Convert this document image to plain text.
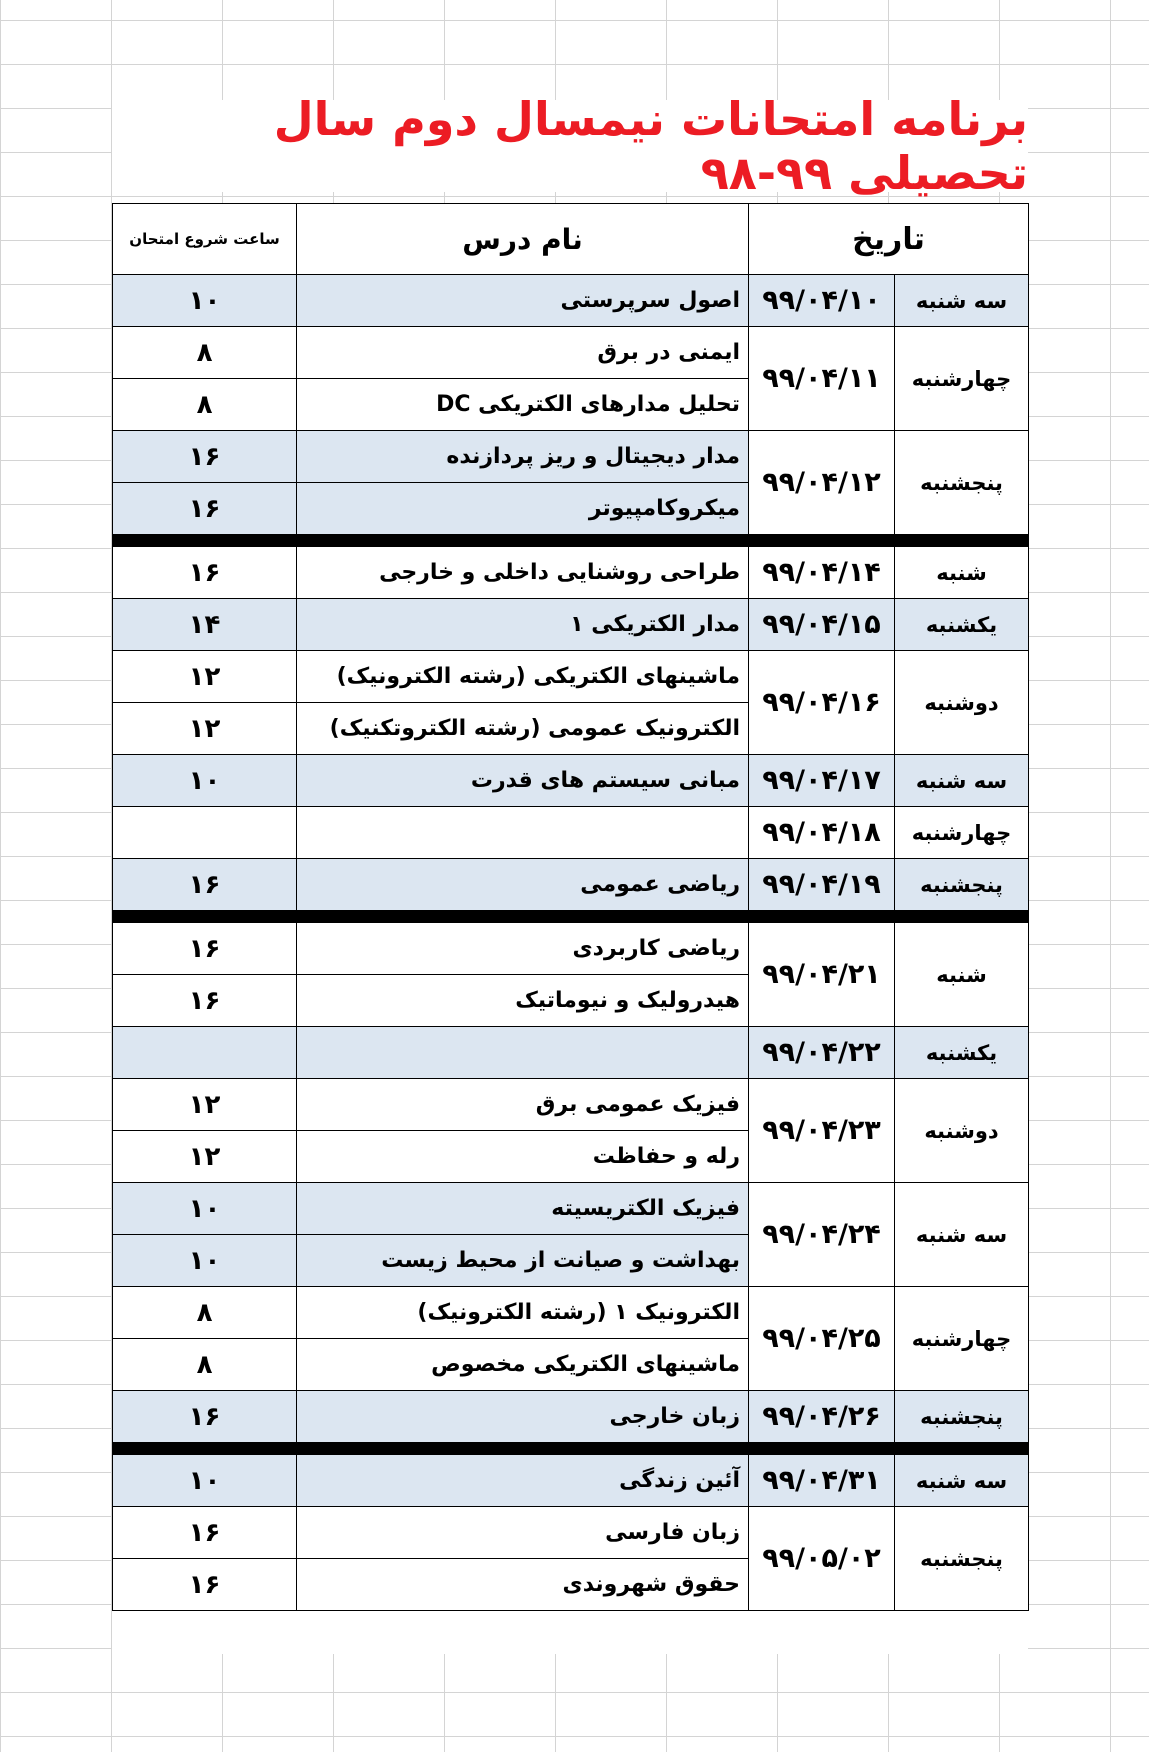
برنامه امتحانات نیمسال دوم سال تحصیلی ۹۹-۹۸
تاریخ		نام درس	ساعت شروع امتحان
سه شنبه	۹۹/۰۴/۱۰	اصول سرپرستی	۱۰
چهارشنبه	۹۹/۰۴/۱۱	ایمنی در برق	۸
		تحلیل مدارهای الکتریکی DC	۸
پنجشنبه	۹۹/۰۴/۱۲	مدار دیجیتال و ریز پردازنده	۱۶
		میکروکامپیوتر	۱۶

شنبه	۹۹/۰۴/۱۴	طراحی روشنایی داخلی و خارجی	۱۶
یکشنبه	۹۹/۰۴/۱۵	مدار الکتریکی ۱	۱۴
دوشنبه	۹۹/۰۴/۱۶	ماشینهای الکتریکی (رشته الکترونیک)	۱۲
		الکترونیک عمومی (رشته الکتروتکنیک)	۱۲
سه شنبه	۹۹/۰۴/۱۷	مبانی سیستم های قدرت	۱۰
چهارشنبه	۹۹/۰۴/۱۸		
پنجشنبه	۹۹/۰۴/۱۹	ریاضی عمومی	۱۶

شنبه	۹۹/۰۴/۲۱	ریاضی کاربردی	۱۶
		هیدرولیک و نیوماتیک	۱۶
یکشنبه	۹۹/۰۴/۲۲		
دوشنبه	۹۹/۰۴/۲۳	فیزیک عمومی برق	۱۲
		رله و حفاظت	۱۲
سه شنبه	۹۹/۰۴/۲۴	فیزیک الکتریسیته	۱۰
		بهداشت و صیانت از محیط زیست	۱۰
چهارشنبه	۹۹/۰۴/۲۵	الکترونیک ۱ (رشته الکترونیک)	۸
		ماشینهای الکتریکی مخصوص	۸
پنجشنبه	۹۹/۰۴/۲۶	زبان خارجی	۱۶

سه شنبه	۹۹/۰۴/۳۱	آئین زندگی	۱۰
پنجشنبه	۹۹/۰۵/۰۲	زبان فارسی	۱۶
		حقوق شهروندی	۱۶
